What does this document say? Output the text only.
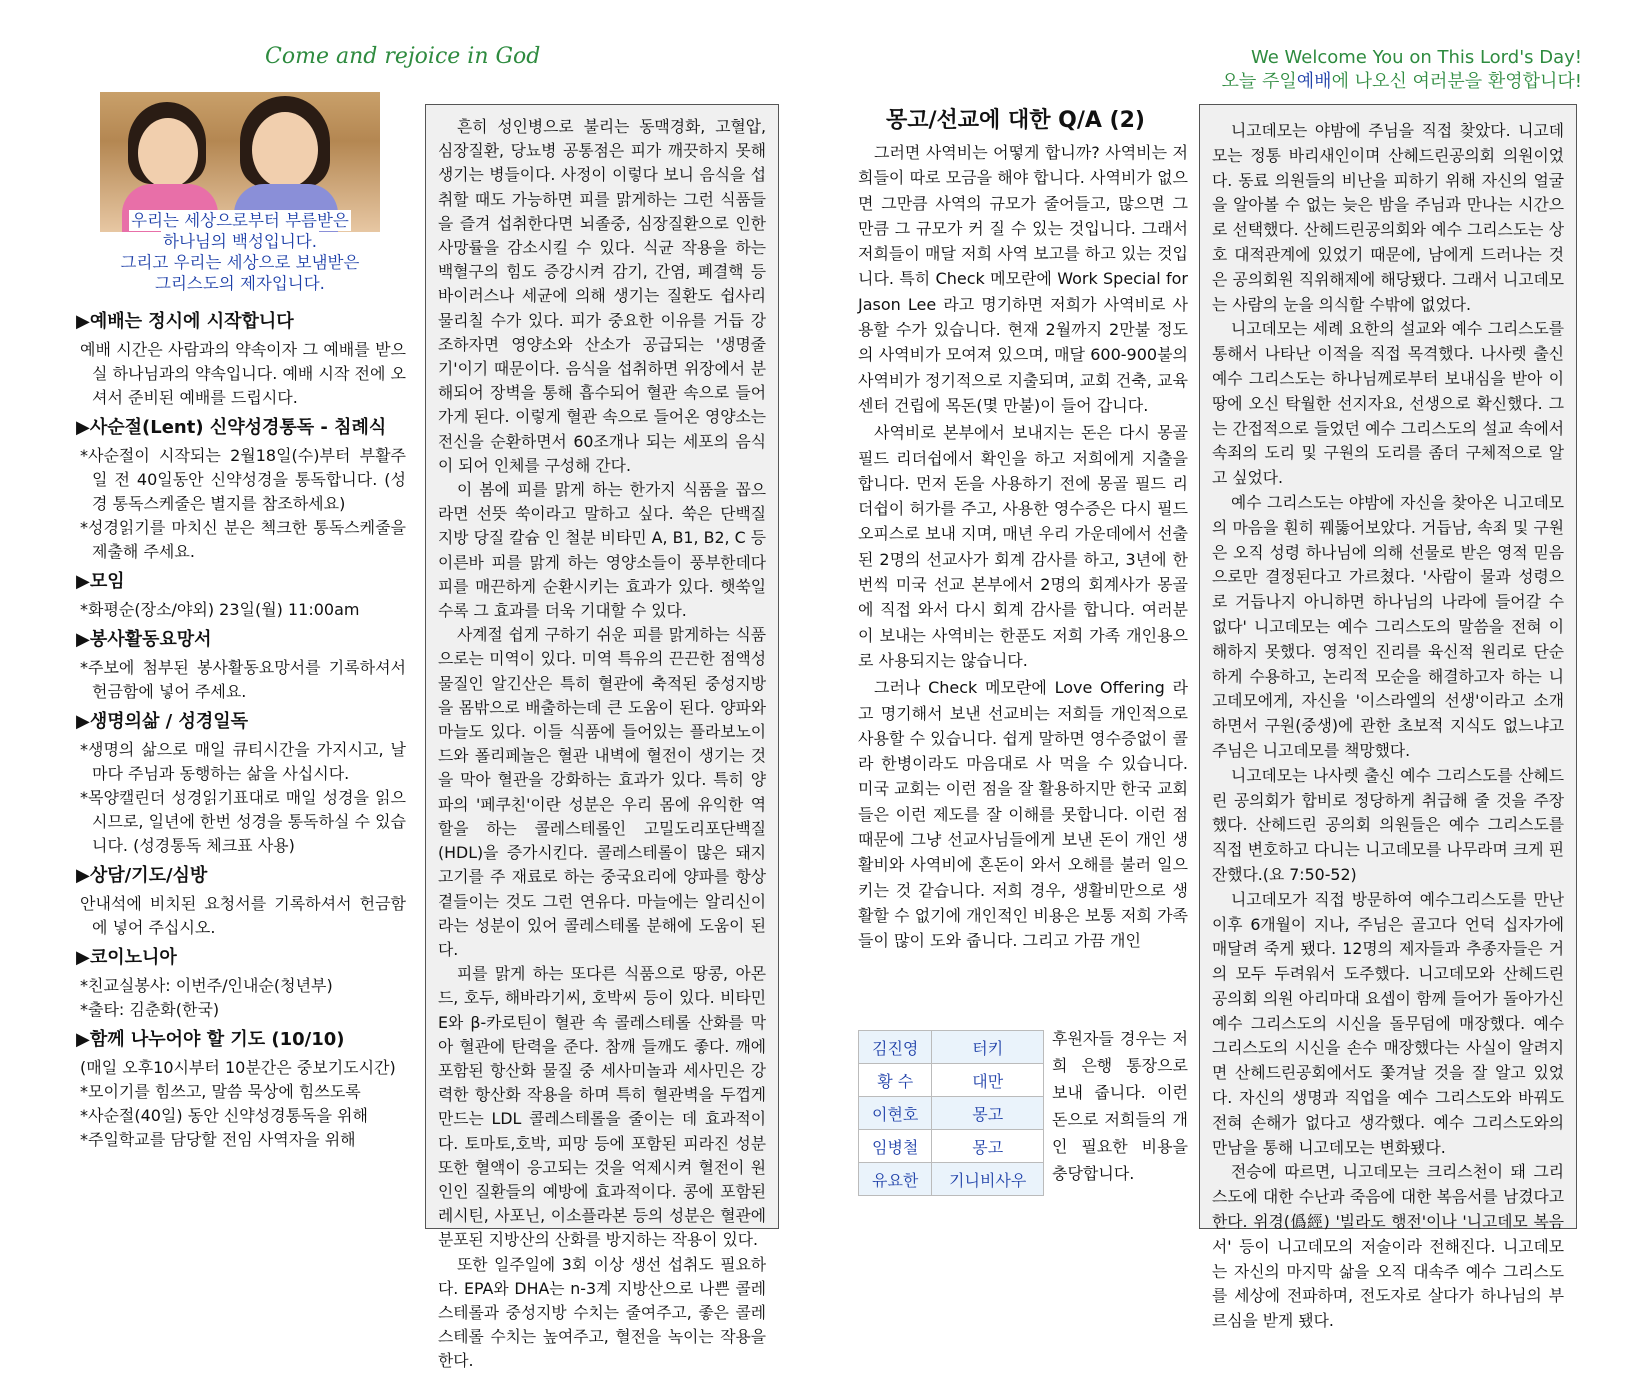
Come and rejoice in God
우리는 세상으로부터 부름받은
하나님의 백성입니다.
그리고 우리는 세상으로 보냄받은
그리스도의 제자입니다.
▶예배는 정시에 시작합니다
예배 시간은 사람과의 약속이자 그 예배를 받으실 하나님과의 약속입니다. 예배 시작 전에 오셔서 준비된 예배를 드립시다.
▶사순절(Lent) 신약성경통독 - 침례식
*사순절이 시작되는 2월18일(수)부터 부활주일 전 40일동안 신약성경을 통독합니다. (성경 통독스케줄은 별지를 참조하세요)
*성경읽기를 마치신 분은 첵크한 통독스케줄을 제출해 주세요.
▶모임
*화평순(장소/야외) 23일(월) 11:00am
▶봉사활동요망서
*주보에 첨부된 봉사활동요망서를 기록하셔서 헌금함에 넣어 주세요.
▶생명의삶 / 성경일독
*생명의 삶으로 매일 큐티시간을 가지시고, 날마다 주님과 동행하는 삶을 사십시다.
*목양캘린더 성경읽기표대로 매일 성경을 읽으시므로, 일년에 한번 성경을 통독하실 수 있습니다. (성경통독 체크표 사용)
▶상담/기도/심방
안내석에 비치된 요청서를 기록하셔서 헌금함에 넣어 주십시오.
▶코이노니아
*친교실봉사: 이번주/인내순(청년부)
*출타: 김춘화(한국)
▶함께 나누어야 할 기도 (10/10)
(매일 오후10시부터 10분간은 중보기도시간)
*모이기를 힘쓰고, 말씀 묵상에 힘쓰도록
*사순절(40일) 동안 신약성경통독을 위해
*주일학교를 담당할 전임 사역자을 위해

흔히 성인병으로 불리는 동맥경화, 고혈압, 심장질환, 당뇨병 공통점은 피가 깨끗하지 못해 생기는 병들이다. 사정이 이렇다 보니 음식을 섭취할 때도 가능하면 피를 맑게하는 그런 식품들을 즐겨 섭취한다면 뇌졸중, 심장질환으로 인한 사망률을 감소시킬 수 있다. 식균 작용을 하는 백혈구의 힘도 증강시켜 감기, 간염, 폐결핵 등 바이러스나 세균에 의해 생기는 질환도 쉽사리 물리칠 수가 있다. 피가 중요한 이유를 거듭 강조하자면 영양소와 산소가 공급되는 '생명줄기'이기 때문이다. 음식을 섭취하면 위장에서 분해되어 장벽을 통해 흡수되어 혈관 속으로 들어가게 된다. 이렇게 혈관 속으로 들어온 영양소는 전신을 순환하면서 60조개나 되는 세포의 음식이 되어 인체를 구성해 간다.

이 봄에 피를 맑게 하는 한가지 식품을 꼽으라면 선뜻 쑥이라고 말하고 싶다. 쑥은 단백질 지방 당질 칼슘 인 철분 비타민 A, B1, B2, C 등 이른바 피를 맑게 하는 영양소들이 풍부한데다 피를 매끈하게 순환시키는 효과가 있다. 햇쑥일수록 그 효과를 더욱 기대할 수 있다.

사계절 쉽게 구하기 쉬운 피를 맑게하는 식품으로는 미역이 있다. 미역 특유의 끈끈한 점액성 물질인 알긴산은 특히 혈관에 축적된 중성지방을 몸밖으로 배출하는데 큰 도움이 된다. 양파와 마늘도 있다. 이들 식품에 들어있는 플라보노이드와 폴리페놀은 혈관 내벽에 혈전이 생기는 것을 막아 혈관을 강화하는 효과가 있다. 특히 양파의 '페쿠친'이란 성분은 우리 몸에 유익한 역할을 하는 콜레스테롤인 고밀도리포단백질(HDL)을 증가시킨다. 콜레스테롤이 많은 돼지고기를 주 재료로 하는 중국요리에 양파를 항상 곁들이는 것도 그런 연유다. 마늘에는 알리신이라는 성분이 있어 콜레스테롤 분해에 도움이 된다.

피를 맑게 하는 또다른 식품으로 땅콩, 아몬드, 호두, 해바라기씨, 호박씨 등이 있다. 비타민E와 β-카로틴이 혈관 속 콜레스테롤 산화를 막아 혈관에 탄력을 준다. 참깨 들깨도 좋다. 깨에 포함된 항산화 물질 중 세사미놀과 세사민은 강력한 항산화 작용을 하며 특히 혈관벽을 두껍게 만드는 LDL 콜레스테롤을 줄이는 데 효과적이다. 토마토,호박, 피망 등에 포함된 피라진 성분 또한 혈액이 응고되는 것을 억제시켜 혈전이 원인인 질환들의 예방에 효과적이다. 콩에 포함된 레시틴, 사포닌, 이소플라본 등의 성분은 혈관에 분포된 지방산의 산화를 방지하는 작용이 있다.

또한 일주일에 3회 이상 생선 섭취도 필요하다. EPA와 DHA는 n-3계 지방산으로 나쁜 콜레스테롤과 중성지방 수치는 줄여주고, 좋은 콜레스테롤 수치는 높여주고, 혈전을 녹이는 작용을 한다.

We Welcome You on This Lord's Day!
오늘 주일예배에 나오신 여러분을 환영합니다!
몽고/선교에 대한 Q/A (2)

그러면 사역비는 어떻게 합니까? 사역비는 저희들이 따로 모금을 해야 합니다. 사역비가 없으면 그만큼 사역의 규모가 줄어들고, 많으면 그 만큼 그 규모가 커 질 수 있는 것입니다. 그래서 저희들이 매달 저희 사역 보고를 하고 있는 것입니다. 특히 Check 메모란에 Work Special for Jason Lee 라고 명기하면 저희가 사역비로 사용할 수가 있습니다. 현재 2월까지 2만불 정도의 사역비가 모여져 있으며, 매달 600-900불의 사역비가 정기적으로 지출되며, 교회 건축, 교육센터 건립에 목돈(몇 만불)이 들어 갑니다.

사역비로 본부에서 보내지는 돈은 다시 몽골 필드 리더쉽에서 확인을 하고 저희에게 지출을 합니다. 먼저 돈을 사용하기 전에 몽골 필드 리더쉽이 허가를 주고, 사용한 영수증은 다시 필드 오피스로 보내 지며, 매년 우리 가운데에서 선출된 2명의 선교사가 회계 감사를 하고, 3년에 한번씩 미국 선교 본부에서 2명의 회계사가 몽골에 직접 와서 다시 회계 감사를 합니다. 여러분이 보내는 사역비는 한푼도 저희 가족 개인용으로 사용되지는 않습니다.

그러나 Check 메모란에 Love Offering 라고 명기해서 보낸 선교비는 저희들 개인적으로 사용할 수 있습니다. 쉽게 말하면 영수증없이 콜라 한병이라도 마음대로 사 먹을 수 있습니다. 미국 교회는 이런 점을 잘 활용하지만 한국 교회들은 이런 제도를 잘 이해를 못합니다. 이런 점 때문에 그냥 선교사님들에게 보낸 돈이 개인 생활비와 사역비에 혼돈이 와서 오해를 불러 일으키는 것 같습니다. 저희 경우, 생활비만으로 생활할 수 없기에 개인적인 비용은 보통 저희 가족들이 많이 도와 줍니다. 그리고 가끔 개인

김진영	터키
황 수	대만
이현호	몽고
임병철	몽고
유요한	기니비사우
후원자들 경우는 저희 은행 통장으로 보내 줍니다. 이런 돈으로 저희들의 개인 필요한 비용을 충당합니다.

니고데모는 야밤에 주님을 직접 찾았다. 니고데모는 정통 바리새인이며 산헤드린공의회 의원이었다. 동료 의원들의 비난을 피하기 위해 자신의 얼굴을 알아볼 수 없는 늦은 밤을 주님과 만나는 시간으로 선택했다. 산헤드린공의회와 예수 그리스도는 상호 대적관계에 있었기 때문에, 남에게 드러나는 것은 공의회원 직위해제에 해당됐다. 그래서 니고데모는 사람의 눈을 의식할 수밖에 없었다.

니고데모는 세례 요한의 설교와 예수 그리스도를 통해서 나타난 이적을 직접 목격했다. 나사렛 출신 예수 그리스도는 하나님께로부터 보내심을 받아 이 땅에 오신 탁월한 선지자요, 선생으로 확신했다. 그는 간접적으로 들었던 예수 그리스도의 설교 속에서 속죄의 도리 및 구원의 도리를 좀더 구체적으로 알고 싶었다.

예수 그리스도는 야밤에 자신을 찾아온 니고데모의 마음을 훤히 꿰뚫어보았다. 거듭남, 속죄 및 구원은 오직 성령 하나님에 의해 선물로 받은 영적 믿음으로만 결정된다고 가르쳤다. '사람이 물과 성령으로 거듭나지 아니하면 하나님의 나라에 들어갈 수 없다' 니고데모는 예수 그리스도의 말씀을 전혀 이해하지 못했다. 영적인 진리를 육신적 원리로 단순하게 수용하고, 논리적 모순을 해결하고자 하는 니고데모에게, 자신을 '이스라엘의 선생'이라고 소개하면서 구원(중생)에 관한 초보적 지식도 없느냐고 주님은 니고데모를 책망했다.

니고데모는 나사렛 출신 예수 그리스도를 산헤드린 공의회가 합비로 정당하게 취급해 줄 것을 주장했다. 산헤드린 공의회 의원들은 예수 그리스도를 직접 변호하고 다니는 니고데모를 나무라며 크게 핀잔했다.(요 7:50-52)

니고데모가 직접 방문하여 예수그리스도를 만난 이후 6개월이 지나, 주님은 골고다 언덕 십자가에 매달려 죽게 됐다. 12명의 제자들과 추종자들은 거의 모두 두려워서 도주했다. 니고데모와 산헤드린 공의회 의원 아리마대 요셉이 함께 들어가 돌아가신 예수 그리스도의 시신을 돌무덤에 매장했다. 예수 그리스도의 시신을 손수 매장했다는 사실이 알려지면 산헤드린공회에서도 쫓겨날 것을 잘 알고 있었다. 자신의 생명과 직업을 예수 그리스도와 바꿔도 전혀 손해가 없다고 생각했다. 예수 그리스도와의 만남을 통해 니고데모는 변화됐다.

전승에 따르면, 니고데모는 크리스천이 돼 그리스도에 대한 수난과 죽음에 대한 복음서를 남겼다고 한다. 위경(僞經) '빌라도 행전'이나 '니고데모 복음서' 등이 니고데모의 저술이라 전해진다. 니고데모는 자신의 마지막 삶을 오직 대속주 예수 그리스도를 세상에 전파하며, 전도자로 살다가 하나님의 부르심을 받게 됐다.
